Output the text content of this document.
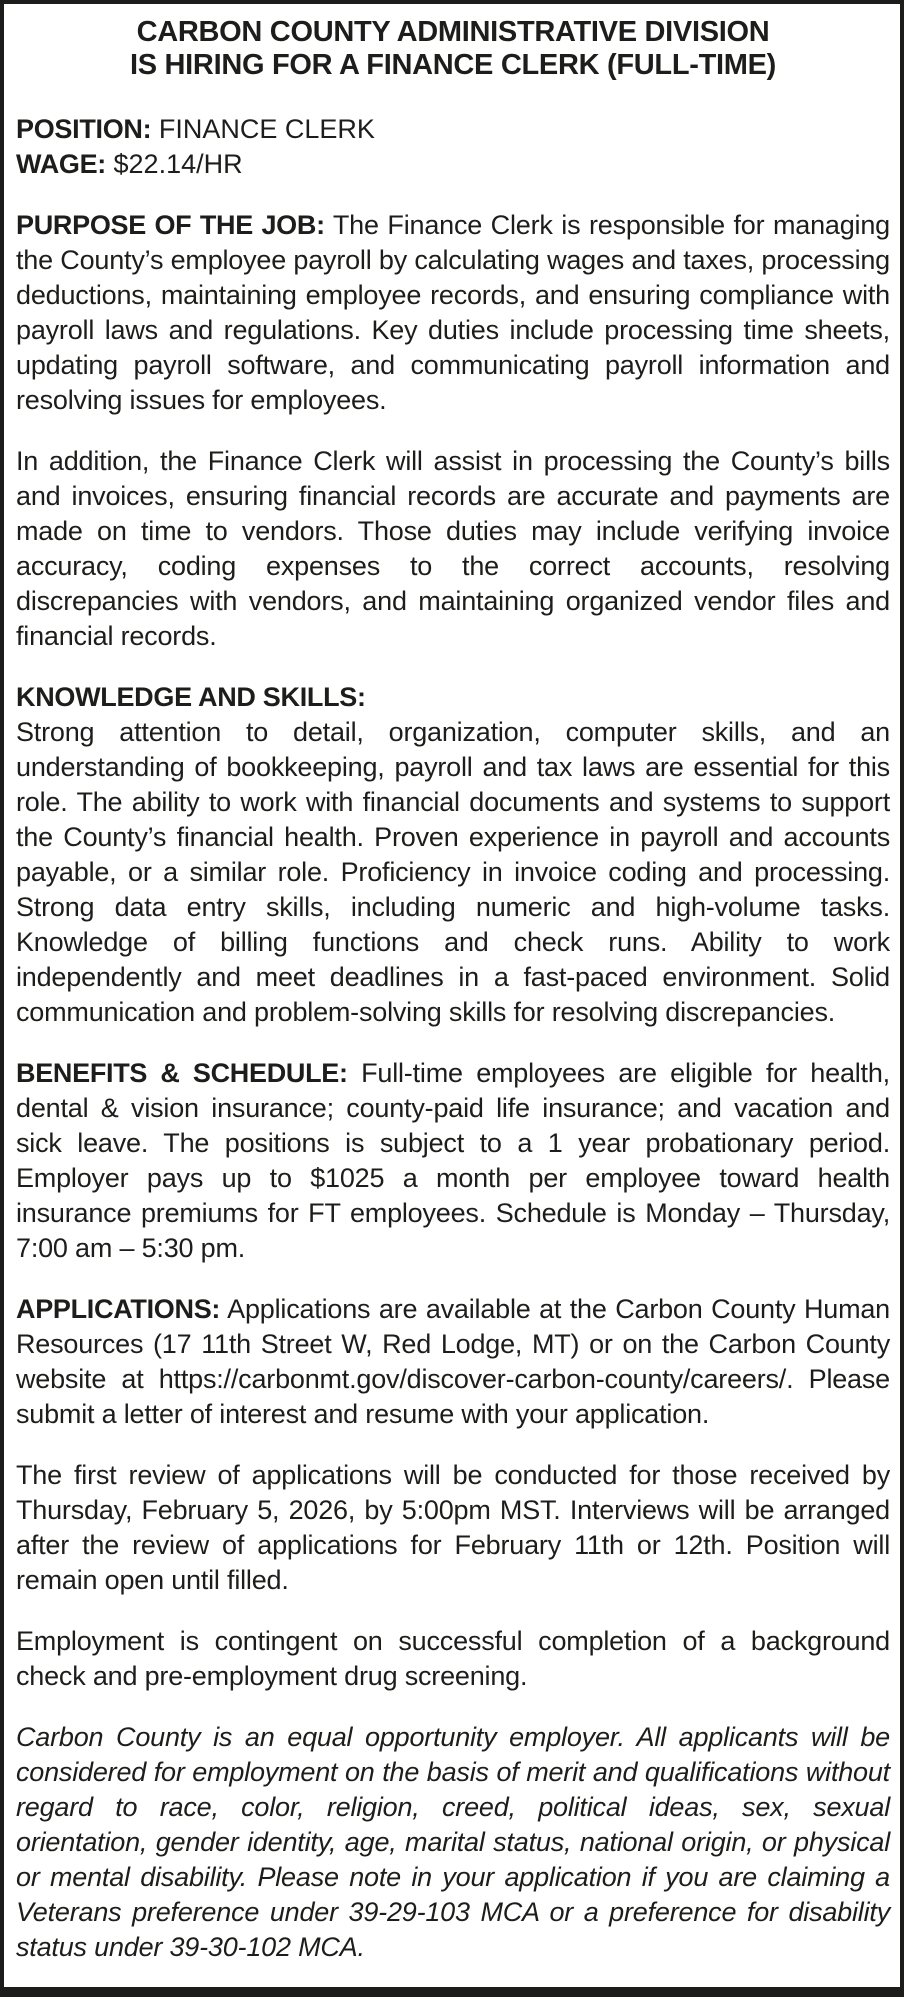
CARBON COUNTY ADMINISTRATIVE DIVISION
IS HIRING FOR A FINANCE CLERK (FULL-TIME)
POSITION: FINANCE CLERK
WAGE: $22.14/HR

PURPOSE OF THE JOB: The Finance Clerk is responsible for managing the County’s employee payroll by calculating wages and taxes, processing deductions, maintaining employee records, and ensuring compliance with payroll laws and regulations. Key duties include processing time sheets, updating payroll software, and communicating payroll information and resolving issues for employees.

In addition, the Finance Clerk will assist in processing the County’s bills and invoices, ensuring financial records are accurate and payments are made on time to vendors. Those duties may include verifying invoice accuracy, coding expenses to the correct accounts, resolving discrepancies with vendors, and maintaining organized vendor files and financial records.

KNOWLEDGE AND SKILLS:
Strong attention to detail, organization, computer skills, and an understanding of bookkeeping, payroll and tax laws are essential for this role. The ability to work with financial documents and systems to support the County’s financial health. Proven experience in payroll and accounts payable, or a similar role. Proficiency in invoice coding and processing. Strong data entry skills, including numeric and high-volume tasks. Knowledge of billing functions and check runs. Ability to work independently and meet deadlines in a fast-paced environment. Solid communication and problem-solving skills for resolving discrepancies.

BENEFITS & SCHEDULE: Full-time employees are eligible for health, dental & vision insurance; county-paid life insurance; and vacation and sick leave. The positions is subject to a 1 year probationary period. Employer pays up to $1025 a month per employee toward health insurance premiums for FT employees. Schedule is Monday – Thursday, 7:00 am – 5:30 pm.

APPLICATIONS: Applications are available at the Carbon County Human Resources (17 11th Street W, Red Lodge, MT) or on the Carbon County website at https://carbonmt.gov/discover-carbon-county/careers/. Please submit a letter of interest and resume with your application.

The first review of applications will be conducted for those received by Thursday, February 5, 2026, by 5:00pm MST. Interviews will be arranged after the review of applications for February 11th or 12th. Position will remain open until filled.

Employment is contingent on successful completion of a background check and pre-employment drug screening.

Carbon County is an equal opportunity employer. All applicants will be considered for employment on the basis of merit and qualifications without regard to race, color, religion, creed, political ideas, sex, sexual orientation, gender identity, age, marital status, national origin, or physical or mental disability. Please note in your application if you are claiming a Veterans preference under 39-29-103 MCA or a preference for disability status under 39-30-102 MCA.
